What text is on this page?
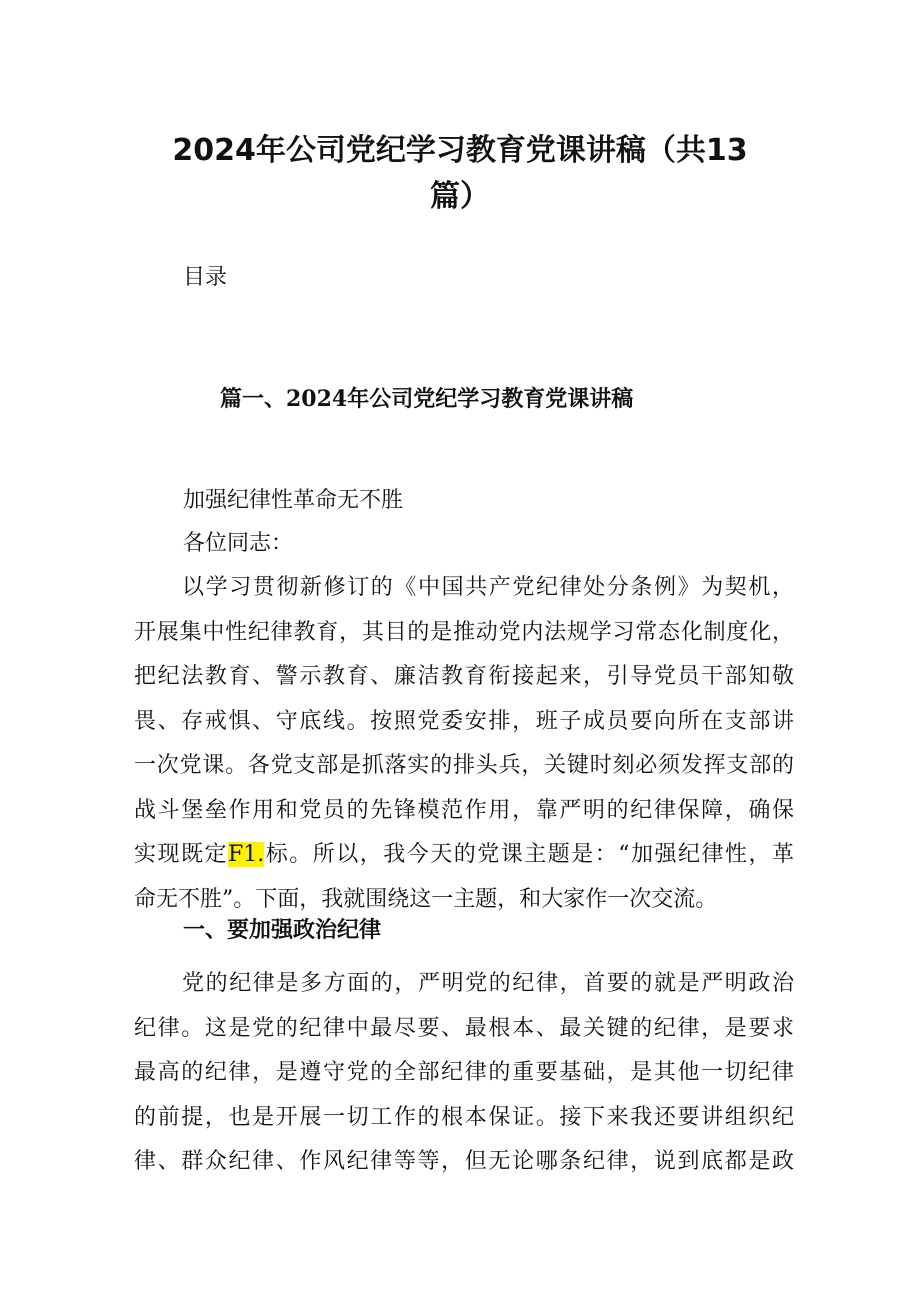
2024年公司党纪学习教育党课讲稿（共13
篇）
目录
篇一、2024年公司党纪学习教育党课讲稿
加强纪律性革命无不胜
各位同志：
以学习贯彻新修订的《中国共产党纪律处分条例》为契机，
开展集中性纪律教育，其目的是推动党内法规学习常态化制度化，
把纪法教育、警示教育、廉洁教育衔接起来，引导党员干部知敬
畏、存戒惧、守底线。按照党委安排，班子成员要向所在支部讲
一次党课。各党支部是抓落实的排头兵，关键时刻必须发挥支部的
战斗堡垒作用和党员的先锋模范作用，靠严明的纪律保障，确保
实现既定F1.标。所以，我今天的党课主题是：“加强纪律性，革
命无不胜”。下面，我就围绕这一主题，和大家作一次交流。
一、要加强政治纪律
党的纪律是多方面的，严明党的纪律，首要的就是严明政治
纪律。这是党的纪律中最尽要、最根本、最关键的纪律，是要求
最高的纪律，是遵守党的全部纪律的重要基础，是其他一切纪律
的前提，也是开展一切工作的根本保证。接下来我还要讲组织纪
律、群众纪律、作风纪律等等，但无论哪条纪律，说到底都是政
